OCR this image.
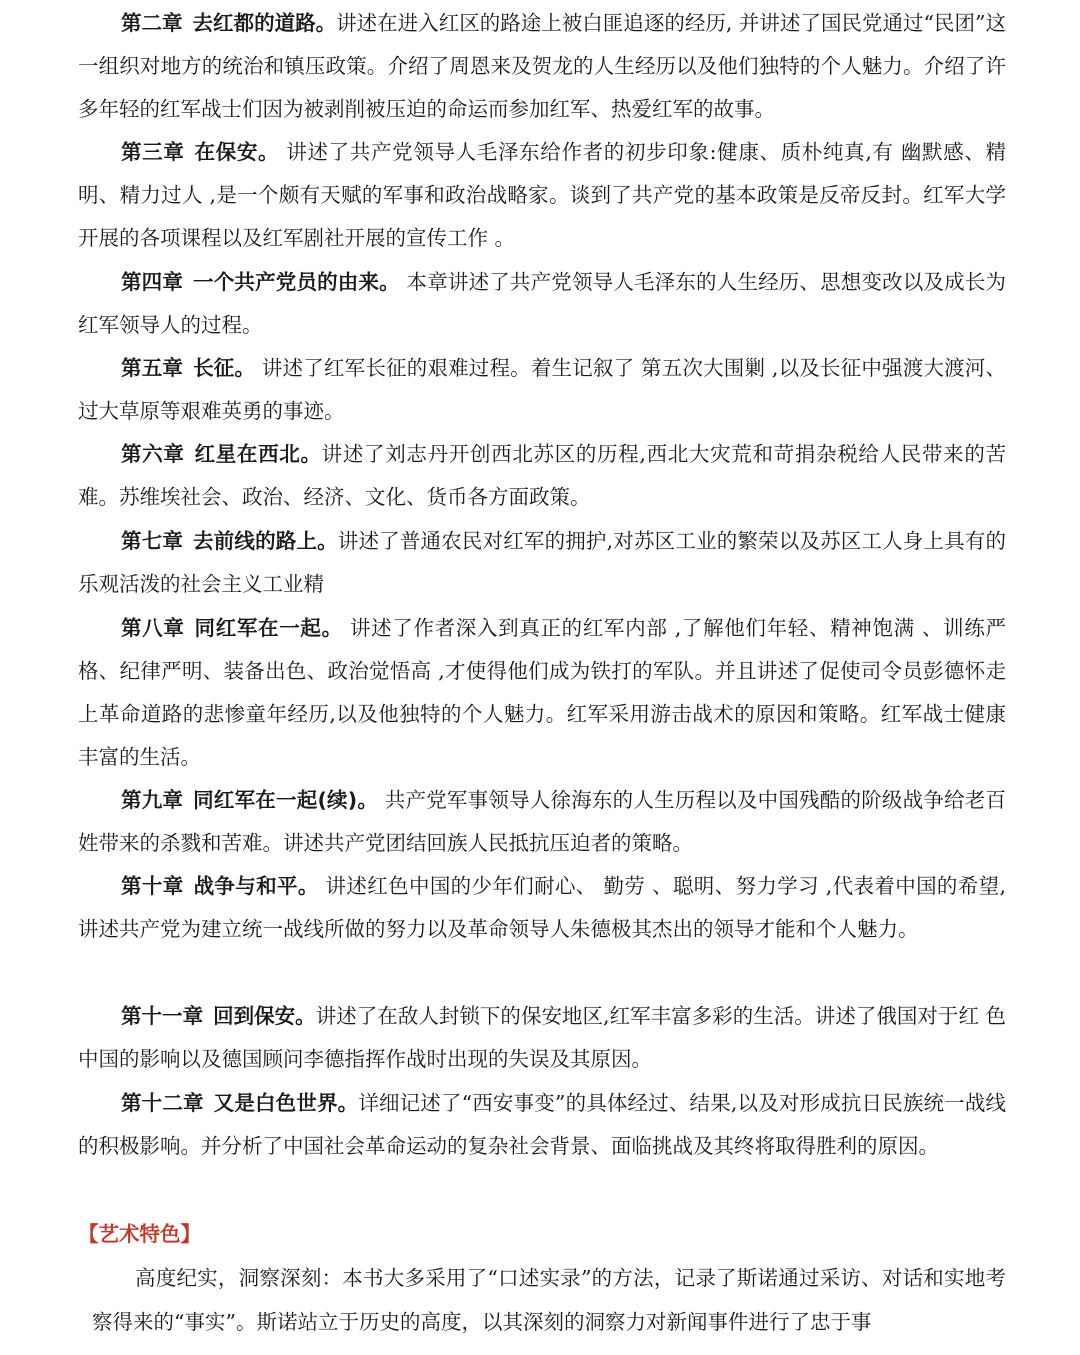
第二章 去红都的道路。讲述在进入红区的路途上被白匪追逐的经历, 并讲述了国民党通过“民团”这一组织对地方的统治和镇压政策。介绍了周恩来及贺龙的人生经历以及他们独特的个人魅力。介绍了许多年轻的红军战士们因为被剥削被压迫的命运而参加红军、热爱红军的故事。

第三章 在保安。 讲述了共产党领导人毛泽东给作者的初步印象:健康、质朴纯真,有 幽默感、精明、精力过人 ,是一个颇有天赋的军事和政治战略家。谈到了共产党的基本政策是反帝反封。红军大学开展的各项课程以及红军剧社开展的宣传工作 。

第四章 一个共产党员的由来。 本章讲述了共产党领导人毛泽东的人生经历、思想变改以及成长为红军领导人的过程。

第五章 长征。 讲述了红军长征的艰难过程。着生记叙了 第五次大围剿 ,以及长征中强渡大渡河、过大草原等艰难英勇的事迹。

第六章 红星在西北。讲述了刘志丹开创西北苏区的历程,西北大灾荒和苛捐杂税给人民带来的苦难。苏维埃社会、政治、经济、文化、货币各方面政策。

第七章 去前线的路上。讲述了普通农民对红军的拥护,对苏区工业的繁荣以及苏区工人身上具有的乐观活泼的社会主义工业精

第八章 同红军在一起。 讲述了作者深入到真正的红军内部 ,了解他们年轻、精神饱满 、训练严 格、纪律严明、装备出色、政治觉悟高 ,才使得他们成为铁打的军队。并且讲述了促使司令员彭德怀走上革命道路的悲惨童年经历,以及他独特的个人魅力。红军采用游击战术的原因和策略。红军战士健康丰富的生活。

第九章 同红军在一起(续)。 共产党军事领导人徐海东的人生历程以及中国残酷的阶级战争给老百姓带来的杀戮和苦难。讲述共产党团结回族人民抵抗压迫者的策略。

第十章 战争与和平。 讲述红色中国的少年们耐心、 勤劳 、聪明、努力学习 ,代表着中国的希望, 讲述共产党为建立统一战线所做的努力以及革命领导人朱德极其杰出的领导才能和个人魅力。

第十一章 回到保安。讲述了在敌人封锁下的保安地区,红军丰富多彩的生活。讲述了俄国对于红 色中国的影响以及德国顾问李德指挥作战时出现的失误及其原因。

第十二章 又是白色世界。详细记述了“西安事变”的具体经过、结果,以及对形成抗日民族统一战线的积极影响。并分析了中国社会革命运动的复杂社会背景、面临挑战及其终将取得胜利的原因。

【艺术特色】

高度纪实，洞察深刻：本书大多采用了“口述实录”的方法，记录了斯诺通过采访、对话和实地考察得来的“事实”。斯诺站立于历史的高度，以其深刻的洞察力对新闻事件进行了忠于事
